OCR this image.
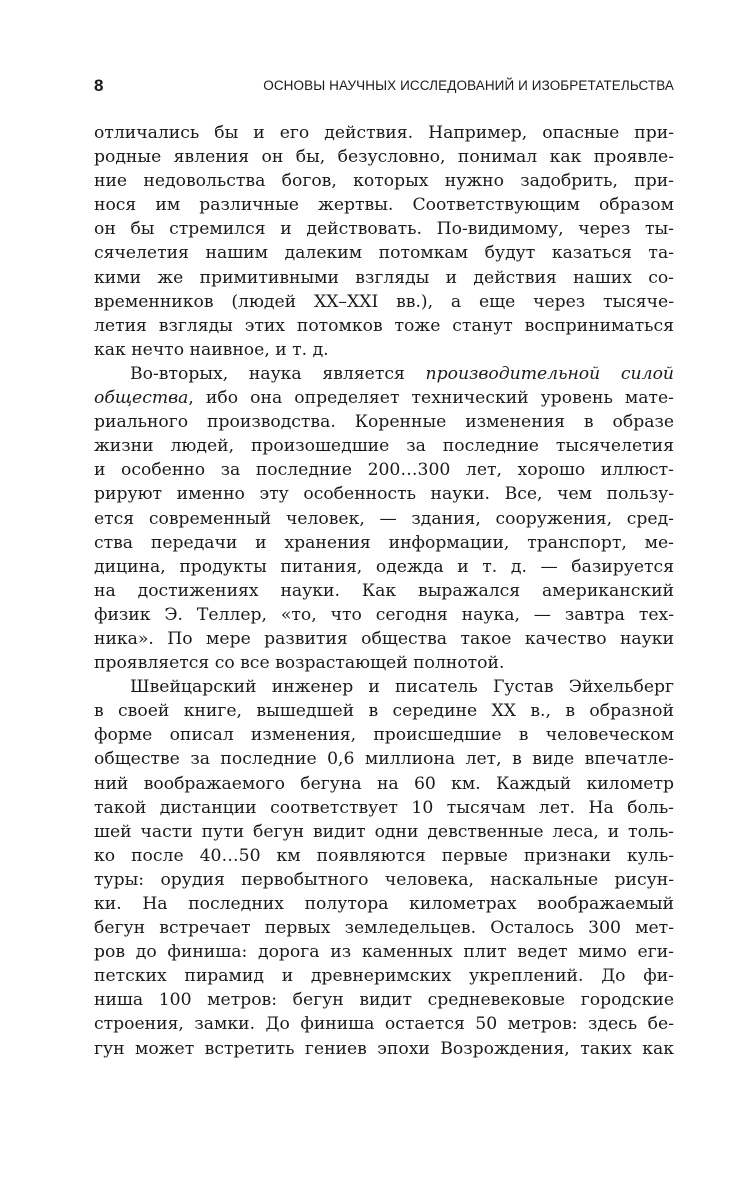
8	ОСНОВЫ НАУЧНЫХ ИССЛЕДОВАНИЙ И ИЗОБРЕТАТЕЛЬСТВА
отличались бы и его действия. Например, опасные при-
родные явления он бы, безусловно, понимал как проявле-
ние недовольства богов, которых нужно задобрить, при-
нося им различные жертвы. Соответствующим образом
он бы стремился и действовать. По-видимому, через ты-
сячелетия нашим далеким потомкам будут казаться та-
кими же примитивными взгляды и действия наших со-
временников (людей XX–XXI вв.), а еще через тысяче-
летия взгляды этих потомков тоже станут восприниматься
как нечто наивное, и т. д.
Во-вторых, наука является производительной силой
общества, ибо она определяет технический уровень мате-
риального производства. Коренные изменения в образе
жизни людей, произошедшие за последние тысячелетия
и особенно за последние 200…300 лет, хорошо иллюст-
рируют именно эту особенность науки. Все, чем пользу-
ется современный человек, — здания, сооружения, сред-
ства передачи и хранения информации, транспорт, ме-
дицина, продукты питания, одежда и т. д. — базируется
на достижениях науки. Как выражался американский
физик Э. Теллер, «то, что сегодня наука, — завтра тех-
ника». По мере развития общества такое качество науки
проявляется со все возрастающей полнотой.
Швейцарский инженер и писатель Густав Эйхельберг
в своей книге, вышедшей в середине XX в., в образной
форме описал изменения, происшедшие в человеческом
обществе за последние 0,6 миллиона лет, в виде впечатле-
ний воображаемого бегуна на 60 км. Каждый километр
такой дистанции соответствует 10 тысячам лет. На боль-
шей части пути бегун видит одни девственные леса, и толь-
ко после 40…50 км появляются первые признаки куль-
туры: орудия первобытного человека, наскальные рисун-
ки. На последних полутора километрах воображаемый
бегун встречает первых земледельцев. Осталось 300 мет-
ров до финиша: дорога из каменных плит ведет мимо еги-
петских пирамид и древнеримских укреплений. До фи-
ниша 100 метров: бегун видит средневековые городские
строения, замки. До финиша остается 50 метров: здесь бе-
гун может встретить гениев эпохи Возрождения, таких как
